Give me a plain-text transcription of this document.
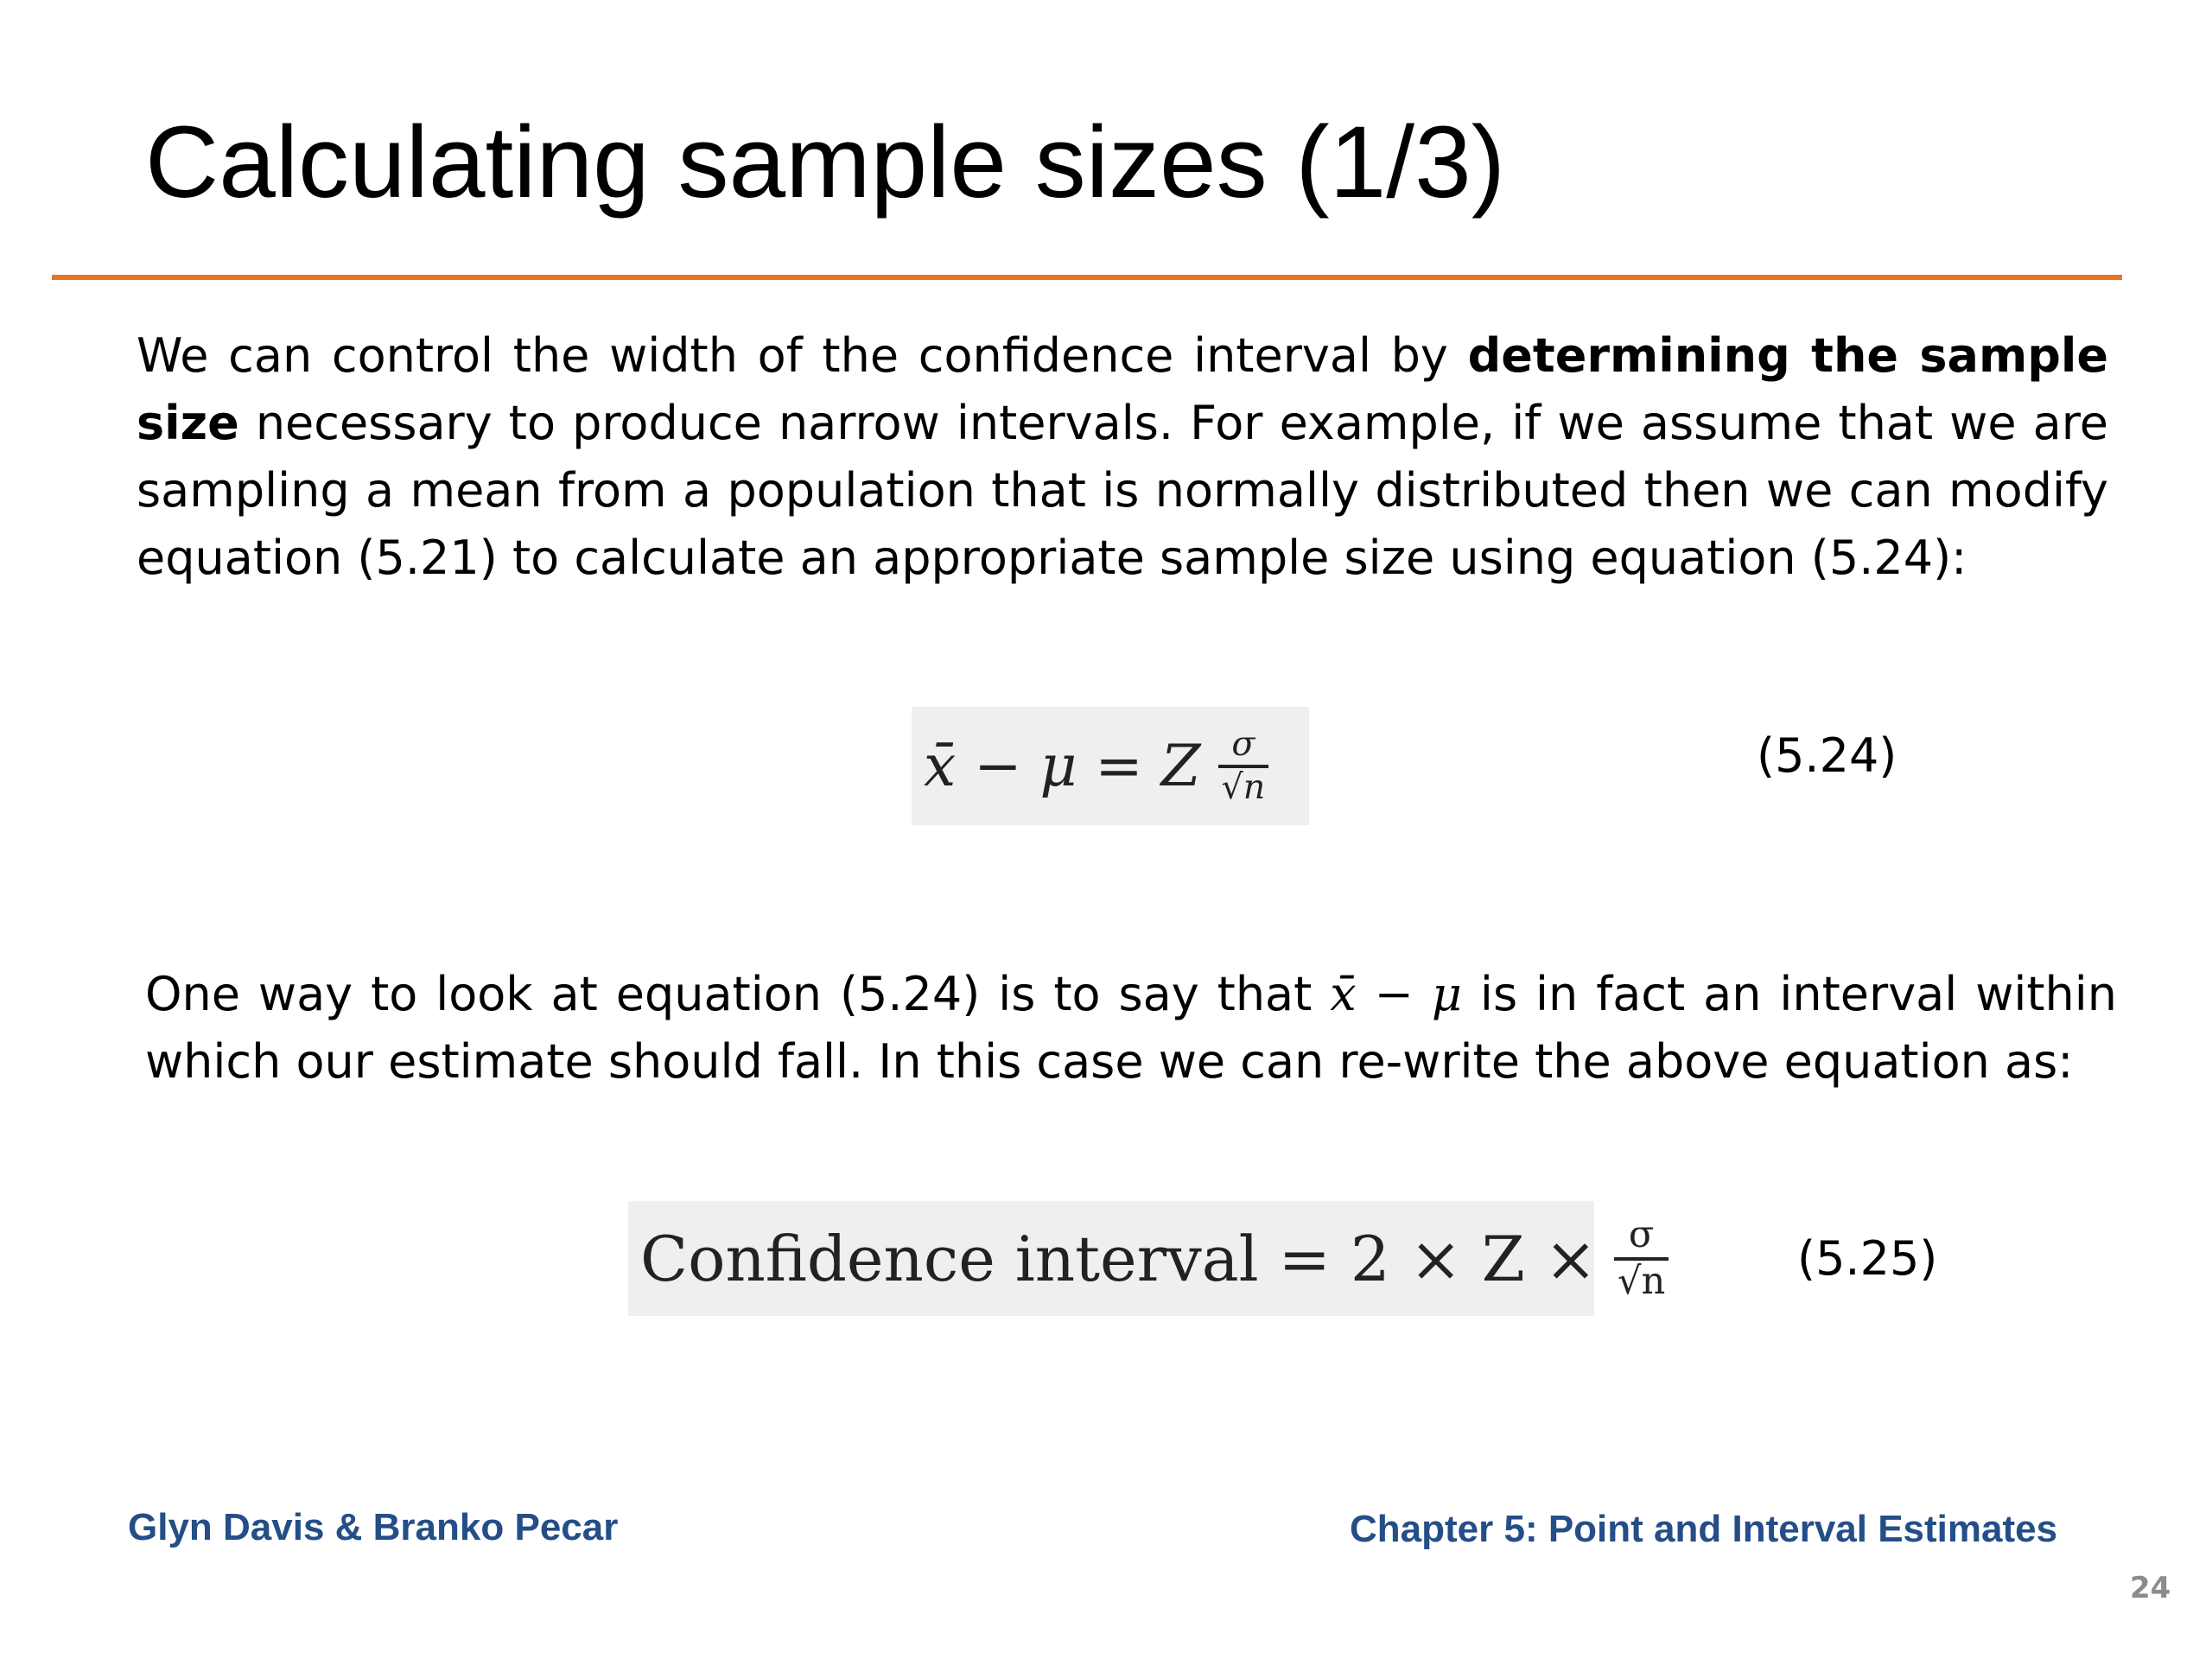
Calculating sample sizes (1/3)

We can control the width of the confidence interval by determining the sample size necessary to produce narrow intervals. For example, if we assume that we are sampling a mean from a population that is normally distributed then we can modify equation (5.21) to calculate an appropriate sample size using equation (5.24):

x̄ − μ = Z $\frac{\sigma}{√n}$	(5.24)

One way to look at equation (5.24) is to say that x̄ − μ is in fact an interval within which our estimate should fall. In this case we can re-write the above equation as:

Confidence interval = $2 \times Z \times \frac{\sigma}{√n}$	(5.25)
Glyn Davis & Branko Pecar	Chapter 5: Point and Interval Estimates
24
